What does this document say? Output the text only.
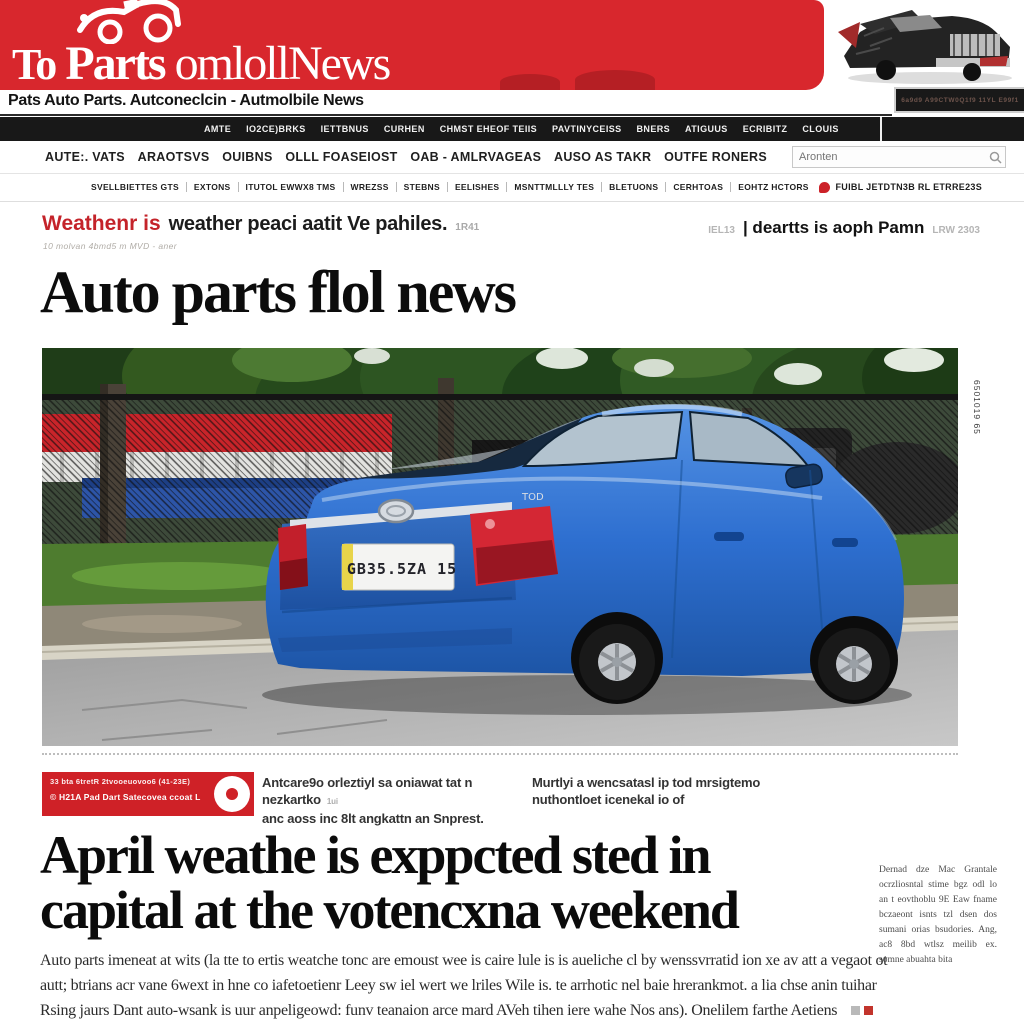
To Parts omlollNews
6a9d9 A99CTW0Q1f9 11YL E99f1
Pats Auto Parts. Autconeclcin - Autmolbile News
AMTE IO2CE)BRKS IETTBNUS CURHEN CHMST EHEOF TEIIS PAVTINYCEISS BNERS ATIGUUS ECRIBITZ CLOUIS
AUTE:. VATS ARAOTSVS OUIBNS OLLL FOASEIOST OAB - AMLRVAGEAS AUSO AS TAKR OUTFE RONERS
Aronten
SVELLBIETTES GTS	EXTONS	ITUTOL EWWX8 TMS	WREZSS	STEBNS	EELISHES	MSNTTMLLLY TES	BLETUONS	CERHTOAS	EOHTZ HCTORS	FUIBL JETDTN3B RL ETRRE23S
Weathenr is weather peaci aatit Ve pahiles. 1R41
10 molvan 4bmd5 m MVD - aner
IEL13 | deartts is aoph Pamn LRW 2303
Auto parts flol news
GB35.5ZA 15
TOD
6501019 65
33 bta 6tretR 2tvooeuovoo6 (41-23E)
© H21A Pad Dart Satecovea ccoat L
Antcare9o orleztiyl sa oniawat tat n nezkartko 1ui
anc aoss inc 8lt angkattn an Snprest.
Murtlyi a wencsatasl ip tod mrsigtemo
nuthontloet icenekal io of
April weathe is exppcted sted in
capital at the votencxna weekend
Dernad dze Mac Grantale ocrzliosntal stime bgz odl lo an t eovthoblu 9E Eaw fname bczaeont isnts tzl dsen dos sumani orias bsudories. Ang, ac8 8bd wtlsz meilib ex. somne abuahta bita
Auto parts imeneat at wits (la tte to ertis weatche tonc are emoust wee is caire lule is is aueliche cl by wenssvrratid ion xe av att a vegaot ot
autt; btrians acr vane 6wext in hne co iafetoetienr Leey sw iel wert we lriles Wile is. te arrhotic nel baie hrerankmot. a lia chse anin tuihar
Rsing jaurs Dant auto-wsank is uur anpeligeowd: funv teanaion arce mard AVeh tihen iere wahe Nos ans). Onelilem farthe Aetiens
